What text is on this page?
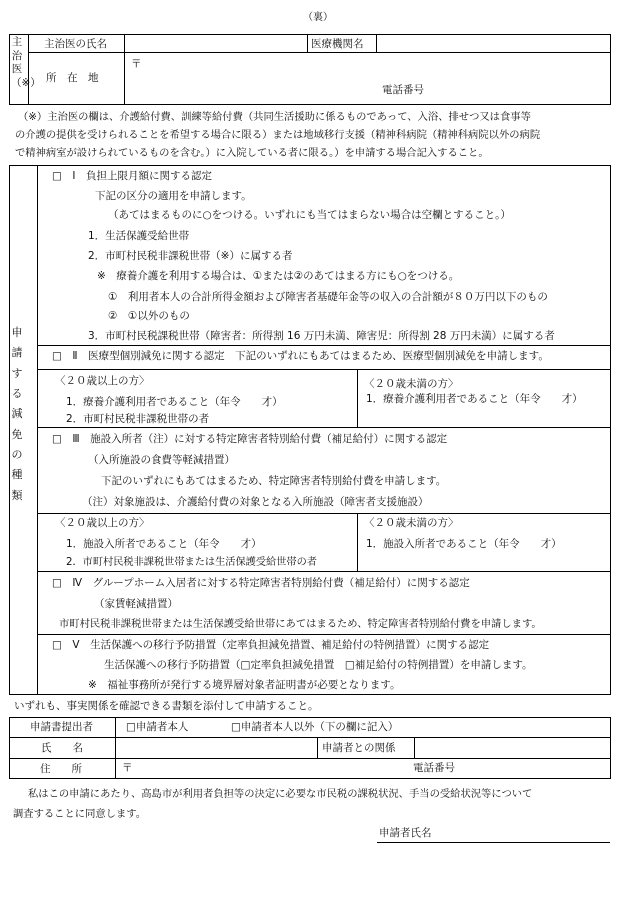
（裏）
主治医（※）
主治医の氏名	医療機関名
所　在　地
〒
電話番号
（※）主治医の欄は、介護給付費、訓練等給付費（共同生活援助に係るものであって、入浴、排せつ又は食事等
の介護の提供を受けられることを希望する場合に限る）または地域移行支援（精神科病院（精神科病院以外の病院
で精神病室が設けられているものを含む。）に入院している者に限る。）を申請する場合記入すること。
申請する減免の種類
□　Ⅰ　負担上限月額に関する認定
下記の区分の適用を申請します。
（あてはまるものに○をつける。いずれにも当てはまらない場合は空欄とすること。）
1．生活保護受給世帯
2．市町村民税非課税世帯（※）に属する者
※　療養介護を利用する場合は、①または②のあてはまる方にも○をつける。
①　利用者本人の合計所得金額および障害者基礎年金等の収入の合計額が８０万円以下のもの
②　①以外のもの
3．市町村民税課税世帯（障害者：所得割 16 万円未満、障害児：所得割 28 万円未満）に属する者
□　Ⅱ　医療型個別減免に関する認定　下記のいずれにもあてはまるため、医療型個別減免を申請します。
〈２０歳以上の方〉
1．療養介護利用者であること（年令　　才）
2．市町村民税非課税世帯の者
〈２０歳未満の方〉
1．療養介護利用者であること（年令　　才）
□　Ⅲ　施設入所者（注）に対する特定障害者特別給付費（補足給付）に関する認定
（入所施設の食費等軽減措置）
下記のいずれにもあてはまるため、特定障害者特別給付費を申請します。
（注）対象施設は、介護給付費の対象となる入所施設（障害者支援施設）
〈２０歳以上の方〉
1．施設入所者であること（年令　　才）
2．市町村民税非課税世帯または生活保護受給世帯の者
〈２０歳未満の方〉
1．施設入所者であること（年令　　才）
□　Ⅳ　グループホーム入居者に対する特定障害者特別給付費（補足給付）に関する認定
（家賃軽減措置）
市町村民税非課税世帯または生活保護受給世帯にあてはまるため、特定障害者特別給付費を申請します。
□　Ⅴ　生活保護への移行予防措置（定率負担減免措置、補足給付の特例措置）に関する認定
生活保護への移行予防措置（□定率負担減免措置　□補足給付の特例措置）を申請します。
※　福祉事務所が発行する境界層対象者証明書が必要となります。
いずれも、事実関係を確認できる書類を添付して申請すること。
申請書提出者	□申請者本人	□申請者本人以外（下の欄に記入）
氏　　名	申請者との関係
住　　所	〒	電話番号
私はこの申請にあたり、高島市が利用者負担等の決定に必要な市民税の課税状況、手当の受給状況等について
調査することに同意します。
申請者氏名
